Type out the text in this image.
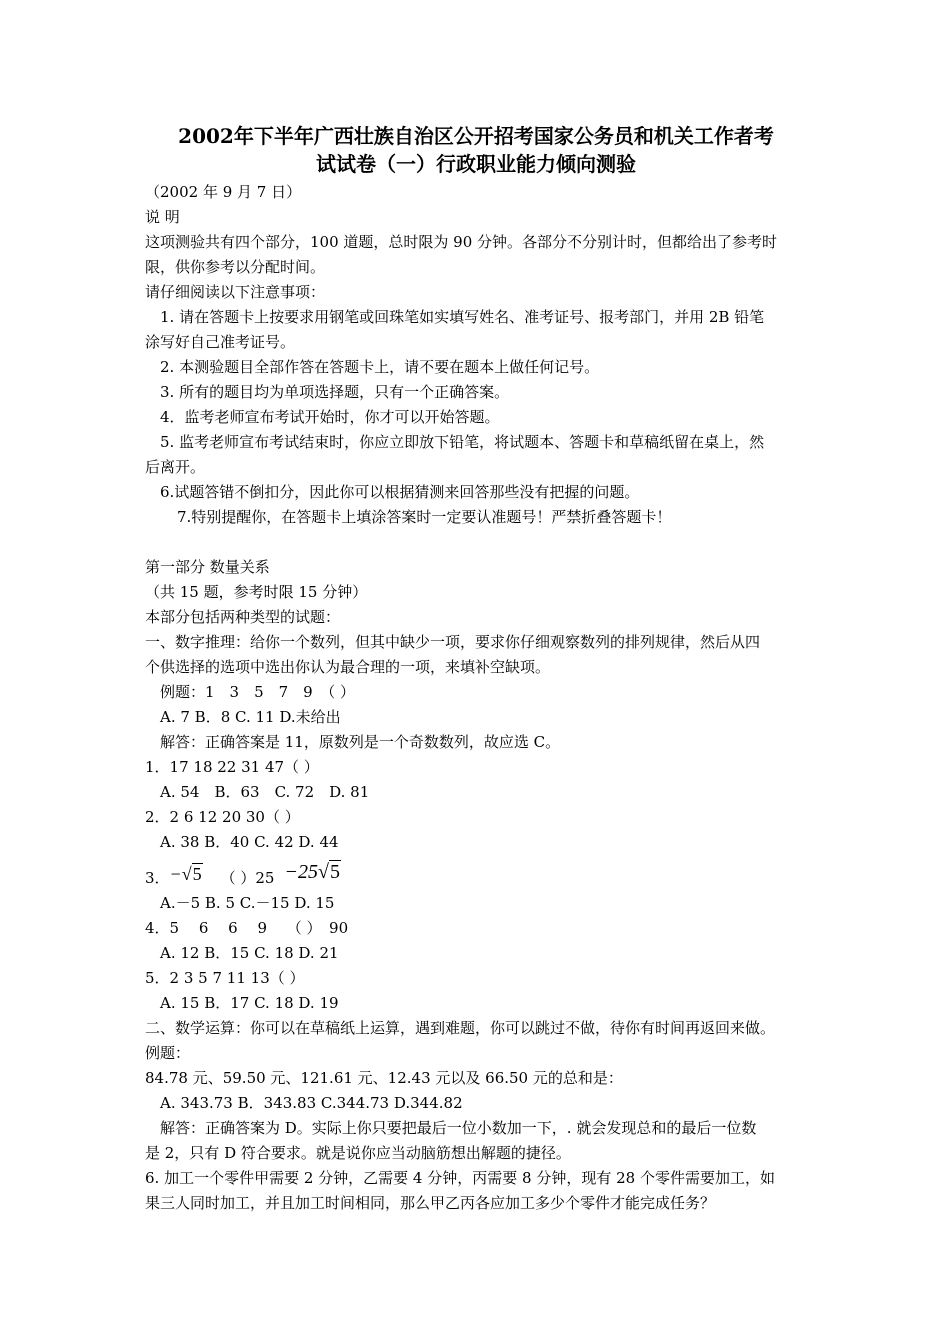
2002年下半年广西壮族自治区公开招考国家公务员和机关工作者考
试试卷（一）行政职业能力倾向测验

（2002 年 9 月 7 日）

说 明

这项测验共有四个部分，100 道题，总时限为 90 分钟。各部分不分别计时，但都给出了参考时

限，供你参考以分配时间。

请仔细阅读以下注意事项：

1. 请在答题卡上按要求用钢笔或回珠笔如实填写姓名、准考证号、报考部门，并用 2B 铅笔

涂写好自己准考证号。

2. 本测验题目全部作答在答题卡上，请不要在题本上做任何记号。

3. 所有的题目均为单项选择题，只有一个正确答案。

4．监考老师宣布考试开始时，你才可以开始答题。

5. 监考老师宣布考试结束时，你应立即放下铅笔，将试题本、答题卡和草稿纸留在桌上，然

后离开。

6.试题答错不倒扣分，因此你可以根据猜测来回答那些没有把握的问题。

7.特别提醒你，在答题卡上填涂答案时一定要认准题号！严禁折叠答题卡！

第一部分 数量关系

（共 15 题，参考时限 15 分钟）

本部分包括两种类型的试题：

一、数字推理：给你一个数列，但其中缺少一项，要求你仔细观察数列的排列规律，然后从四

个供选择的选项中选出你认为最合理的一项，来填补空缺项。

例题：1　3　5　7　9　（ ）

A. 7 B．8 C. 11 D.未给出

解答：正确答案是 11，原数列是一个奇数数列，故应选 C。

1．17 18 22 31 47（ ）

A. 54　B．63　C. 72　D. 81

2．2 6 12 20 30（ ）

A. 38 B．40 C. 42 D. 44

3． −√5 （ ）25 −25√5

A.－5 B. 5 C.－15 D. 15

4．5　 6　 6　 9　 （ ）　90

A. 12 B．15 C. 18 D. 21

5．2 3 5 7 11 13（ ）

A. 15 B．17 C. 18 D. 19

二、数学运算：你可以在草稿纸上运算，遇到难题，你可以跳过不做，待你有时间再返回来做。

例题：

84.78 元、59.50 元、121.61 元、12.43 元以及 66.50 元的总和是：

A. 343.73 B．343.83 C.344.73 D.344.82

解答：正确答案为 D。实际上你只要把最后一位小数加一下，. 就会发现总和的最后一位数

是 2，只有 D 符合要求。就是说你应当动脑筋想出解题的捷径。

6. 加工一个零件甲需要 2 分钟，乙需要 4 分钟，丙需要 8 分钟，现有 28 个零件需要加工，如

果三人同时加工，并且加工时间相同，那么甲乙丙各应加工多少个零件才能完成任务？
